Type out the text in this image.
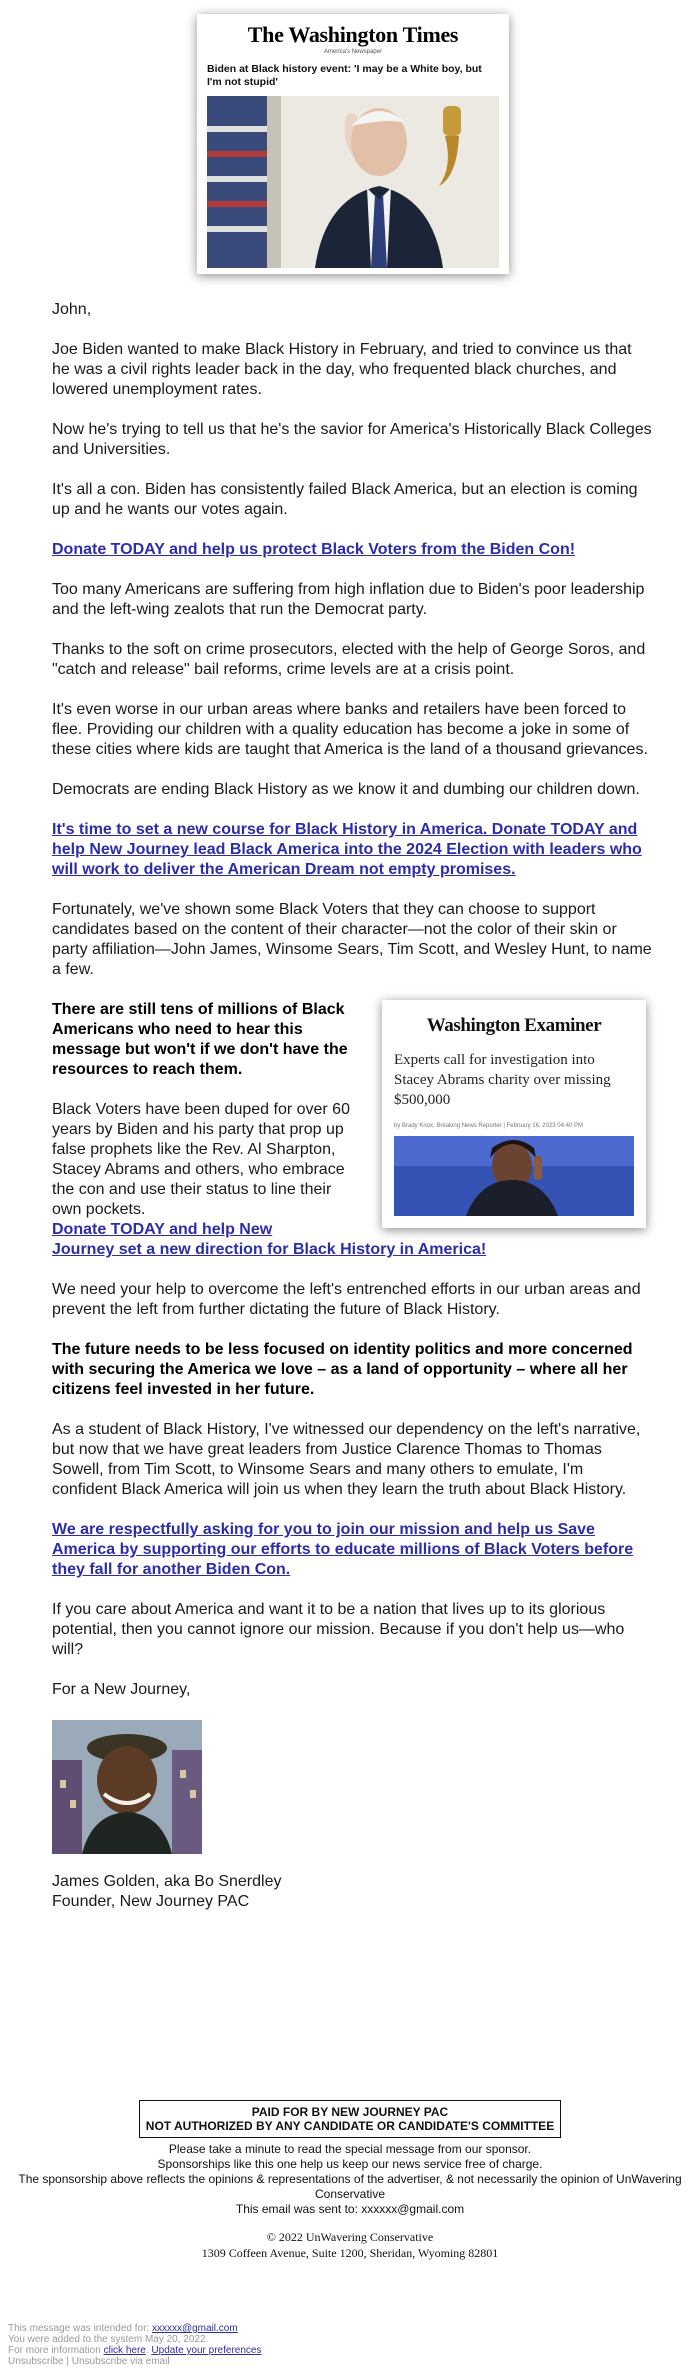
The Washington Times
America's Newspaper
Biden at Black history event: 'I may be a White boy, but I'm not stupid'

John,

Joe Biden wanted to make Black History in February, and tried to convince us that he was a civil rights leader back in the day, who frequented black churches, and lowered unemployment rates.

Now he's trying to tell us that he's the savior for America's Historically Black Colleges and Universities.

It's all a con. Biden has consistently failed Black America, but an election is coming up and he wants our votes again.

Donate TODAY and help us protect Black Voters from the Biden Con!

Too many Americans are suffering from high inflation due to Biden's poor leadership and the left-wing zealots that run the Democrat party.

Thanks to the soft on crime prosecutors, elected with the help of George Soros, and "catch and release" bail reforms, crime levels are at a crisis point.

It's even worse in our urban areas where banks and retailers have been forced to flee. Providing our children with a quality education has become a joke in some of these cities where kids are taught that America is the land of a thousand grievances.

Democrats are ending Black History as we know it and dumbing our children down.

It's time to set a new course for Black History in America. Donate TODAY and help New Journey lead Black America into the 2024 Election with leaders who will work to deliver the American Dream not empty promises.

Fortunately, we've shown some Black Voters that they can choose to support candidates based on the content of their character—not the color of their skin or party affiliation—John James, Winsome Sears, Tim Scott, and Wesley Hunt, to name a few.

Washington Examiner
Experts call for investigation into Stacey Abrams charity over missing $500,000
by Brady Knox, Breaking News Reporter | February 16, 2023 04:40 PM

There are still tens of millions of Black Americans who need to hear this message but won't if we don't have the resources to reach them.

Black Voters have been duped for over 60 years by Biden and his party that prop up false prophets like the Rev. Al Sharpton, Stacey Abrams and others, who embrace the con and use their status to line their own pockets.

Donate TODAY and help New
Journey set a new direction for Black History in America!

We need your help to overcome the left's entrenched efforts in our urban areas and prevent the left from further dictating the future of Black History.

The future needs to be less focused on identity politics and more concerned with securing the America we love – as a land of opportunity – where all her citizens feel invested in her future.

As a student of Black History, I've witnessed our dependency on the left's narrative, but now that we have great leaders from Justice Clarence Thomas to Thomas Sowell, from Tim Scott, to Winsome Sears and many others to emulate, I'm confident Black America will join us when they learn the truth about Black History.

We are respectfully asking for you to join our mission and help us Save America by supporting our efforts to educate millions of Black Voters before they fall for another Biden Con.

If you care about America and want it to be a nation that lives up to its glorious potential, then you cannot ignore our mission. Because if you don't help us—who will?

For a New Journey,

James Golden, aka Bo Snerdley

Founder, New Journey PAC

PAID FOR BY NEW JOURNEY PAC
NOT AUTHORIZED BY ANY CANDIDATE OR CANDIDATE'S COMMITTEE
Please take a minute to read the special message from our sponsor.
Sponsorships like this one help us keep our news service free of charge.
The sponsorship above reflects the opinions & representations of the advertiser, & not necessarily the opinion of UnWavering Conservative
This email was sent to: xxxxxx@gmail.com
© 2022 UnWavering Conservative
1309 Coffeen Avenue, Suite 1200, Sheridan, Wyoming 82801
This message was intended for: xxxxxx@gmail.com
You were added to the system May 20, 2022.
For more information click here. Update your preferences
Unsubscribe | Unsubscribe via email
